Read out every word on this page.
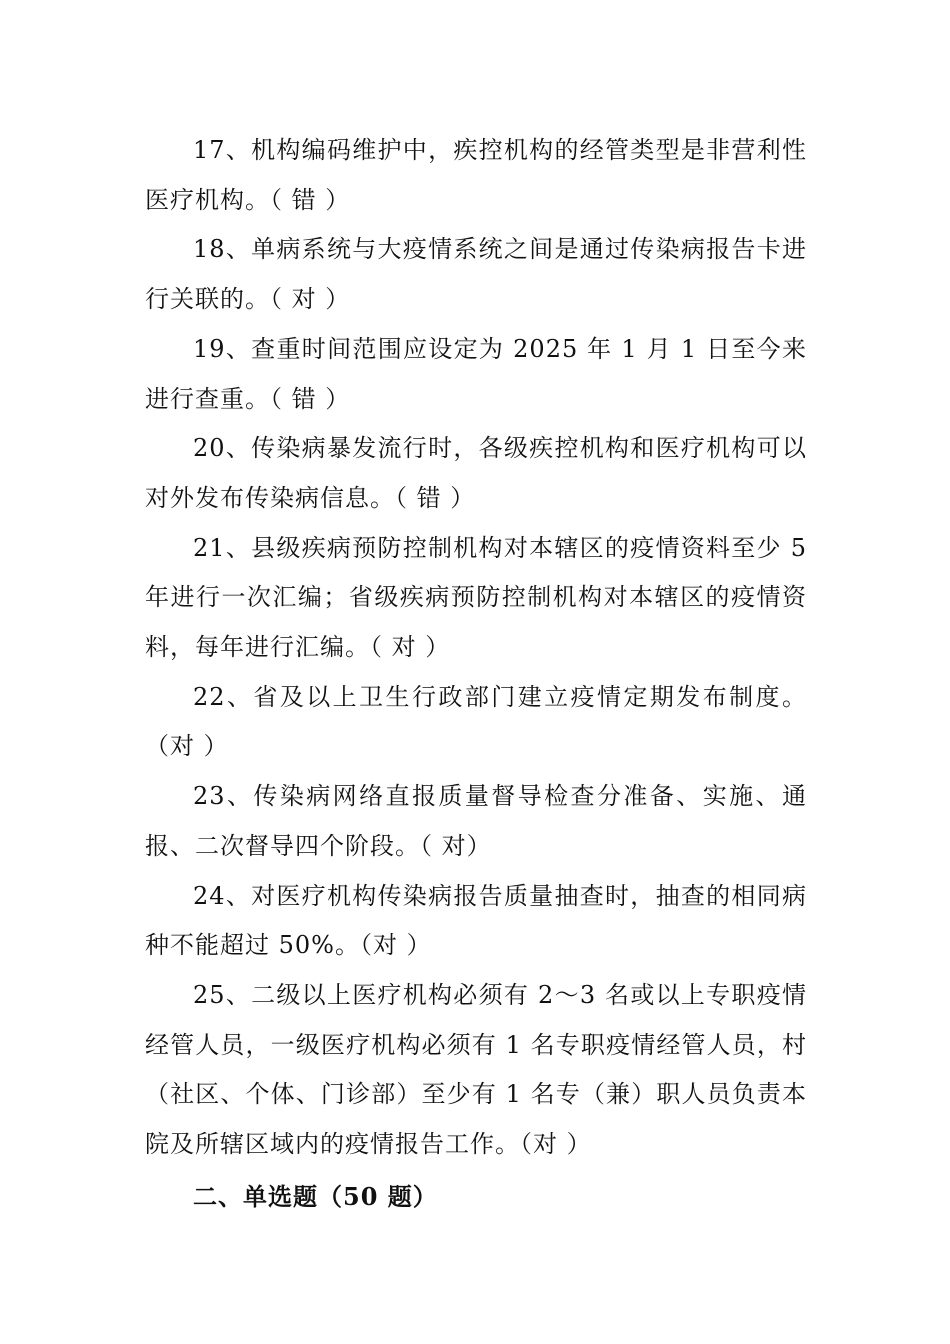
17、机构编码维护中，疾控机构的经管类型是非营利性医疗机构。（ 错 ）

18、单病系统与大疫情系统之间是通过传染病报告卡进行关联的。（ 对 ）

19、查重时间范围应设定为 2025 年 1 月 1 日至今来进行查重。（ 错 ）

20、传染病暴发流行时，各级疾控机构和医疗机构可以对外发布传染病信息。（ 错 ）

21、县级疾病预防控制机构对本辖区的疫情资料至少 5 年进行一次汇编；省级疾病预防控制机构对本辖区的疫情资料，每年进行汇编。（ 对 ）

22、省及以上卫生行政部门建立疫情定期发布制度。（对 ）

23、传染病网络直报质量督导检查分准备、实施、通报、二次督导四个阶段。（ 对）

24、对医疗机构传染病报告质量抽查时，抽查的相同病种不能超过 50%。（对 ）

25、二级以上医疗机构必须有 2～3 名或以上专职疫情经管人员，一级医疗机构必须有 1 名专职疫情经管人员，村（社区、个体、门诊部）至少有 1 名专（兼）职人员负责本院及所辖区域内的疫情报告工作。（对 ）

二、单选题（50 题）
